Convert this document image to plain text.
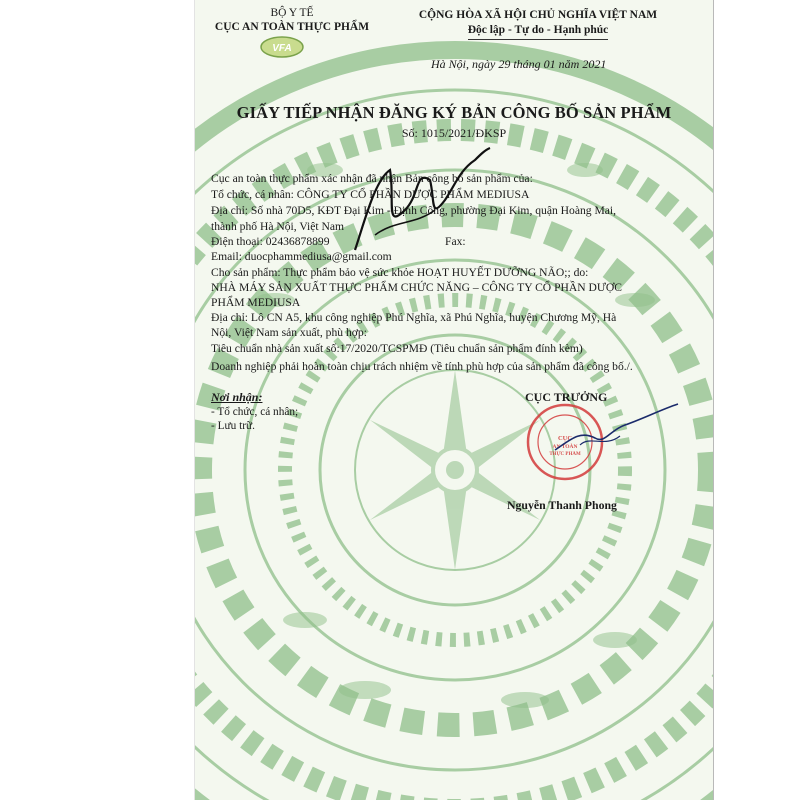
BỘ Y TẾ
CỤC AN TOÀN THỰC PHẨM
VFA
CỘNG HÒA XÃ HỘI CHỦ NGHĨA VIỆT NAM
Độc lập - Tự do - Hạnh phúc
Hà Nội, ngày 29 tháng 01 năm 2021
GIẤY TIẾP NHẬN ĐĂNG KÝ BẢN CÔNG BỐ SẢN PHẨM
Số: 1015/2021/ĐKSP
Cục an toàn thực phẩm xác nhận đã nhận Bản công bố sản phẩm của:
Tổ chức, cá nhân: CÔNG TY CỔ PHẦN DƯỢC PHẨM MEDIUSA
Địa chỉ: Số nhà 70D5, KĐT Đại Kim - Định Công, phường Đại Kim, quận Hoàng Mai,
thành phố Hà Nội, Việt Nam
Điện thoại: 02436878899	Fax:
Email: duocphammediusa@gmail.com
Cho sản phẩm: Thực phẩm bảo vệ sức khỏe HOẠT HUYẾT DƯỠNG NÃO;; do:
NHÀ MÁY SẢN XUẤT THỰC PHẨM CHỨC NĂNG – CÔNG TY CỔ PHẦN DƯỢC
PHẨM MEDIUSA
Địa chỉ: Lô CN A5, khu công nghiệp Phú Nghĩa, xã Phú Nghĩa, huyện Chương Mỹ, Hà
Nội, Việt Nam sản xuất, phù hợp:
Tiêu chuẩn nhà sản xuất số:17/2020/TCSPMĐ (Tiêu chuẩn sản phẩm đính kèm)
Doanh nghiệp phải hoàn toàn chịu trách nhiệm về tính phù hợp của sản phẩm đã công bố./.
Nơi nhận:
- Tổ chức, cá nhân;
- Lưu trữ.
CỤC TRƯỞNG
CỤC
AN TOÀN
THỰC PHẨM
Nguyễn Thanh Phong
